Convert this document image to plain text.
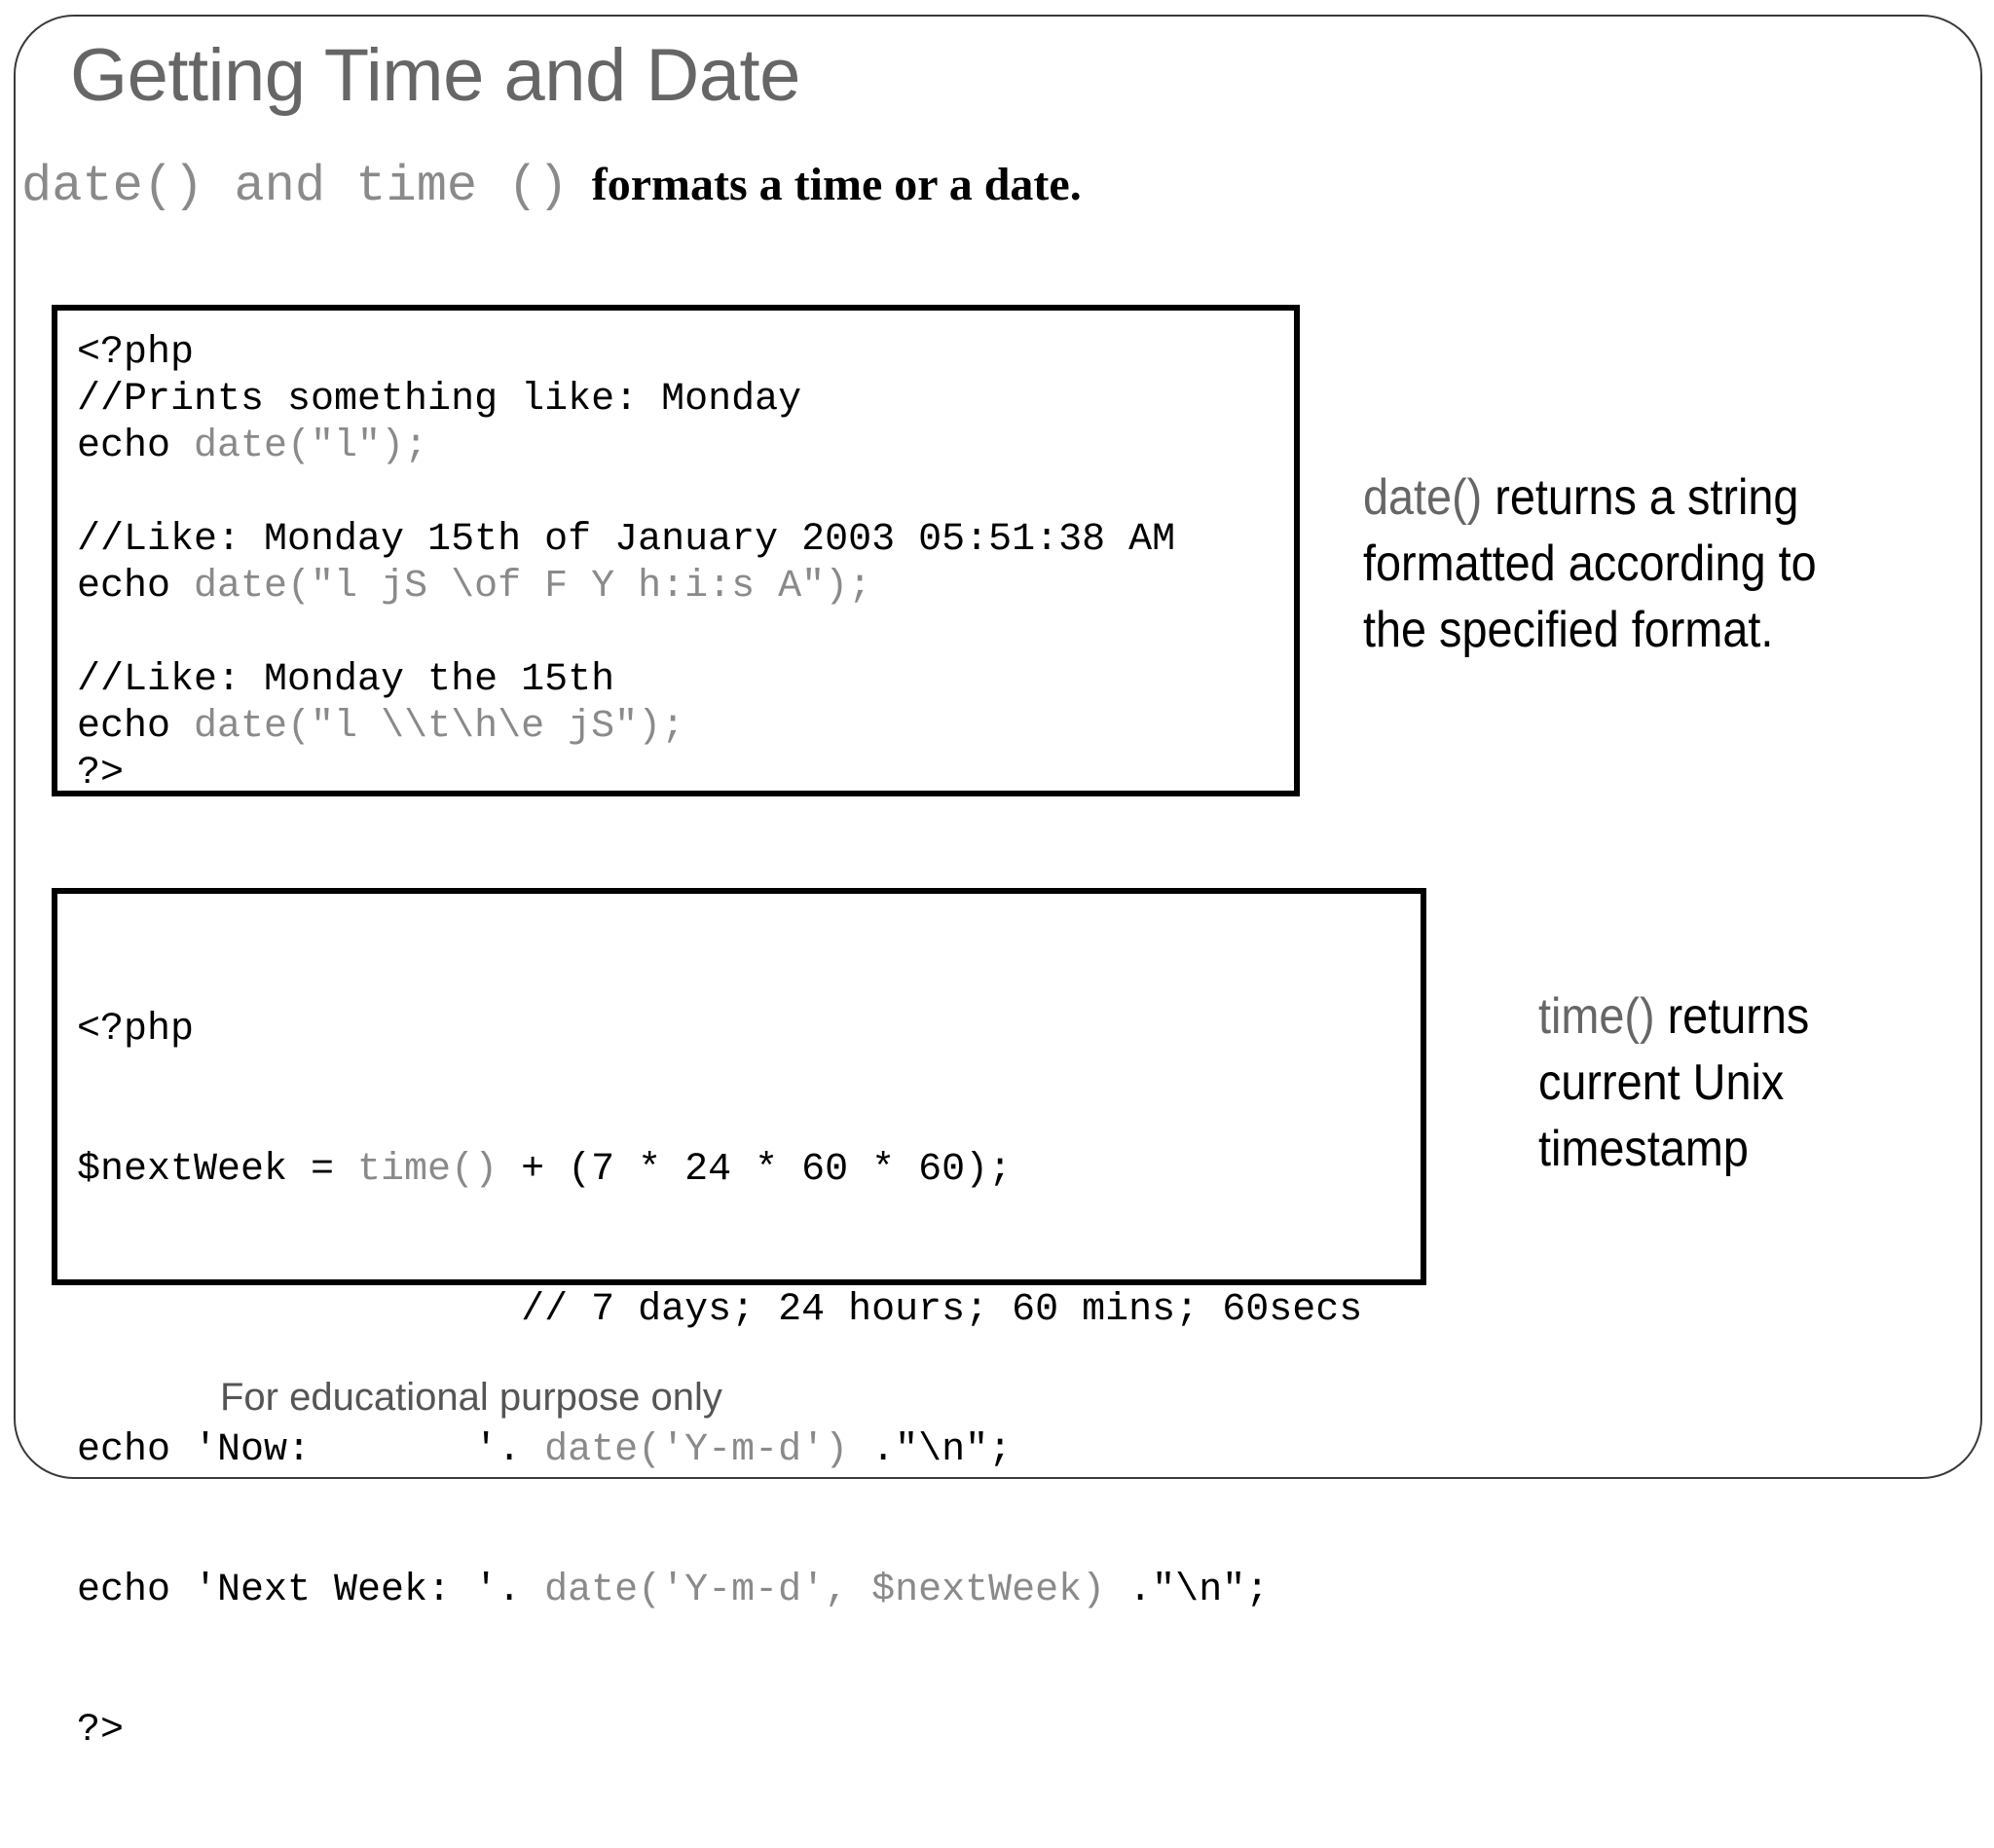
Getting Time and Date
date() and time () formats a time or a date.
<?php
//Prints something like: Monday
echo date("l");
//Like: Monday 15th of January 2003 05:51:38 AM
echo date("l jS \of F Y h:i:s A");
//Like: Monday the 15th
echo date("l \\t\h\e jS");
?>

<?php

$nextWeek = time() + (7 * 24 * 60 * 60);

// 7 days; 24 hours; 60 mins; 60secs

echo 'Now:       '. date('Y-m-d') ."\n";

echo 'Next Week: '. date('Y-m-d', $nextWeek) ."\n";

?>

date() returns a string formatted according to the specified format.
time() returns current Unix timestamp
For educational purpose only
